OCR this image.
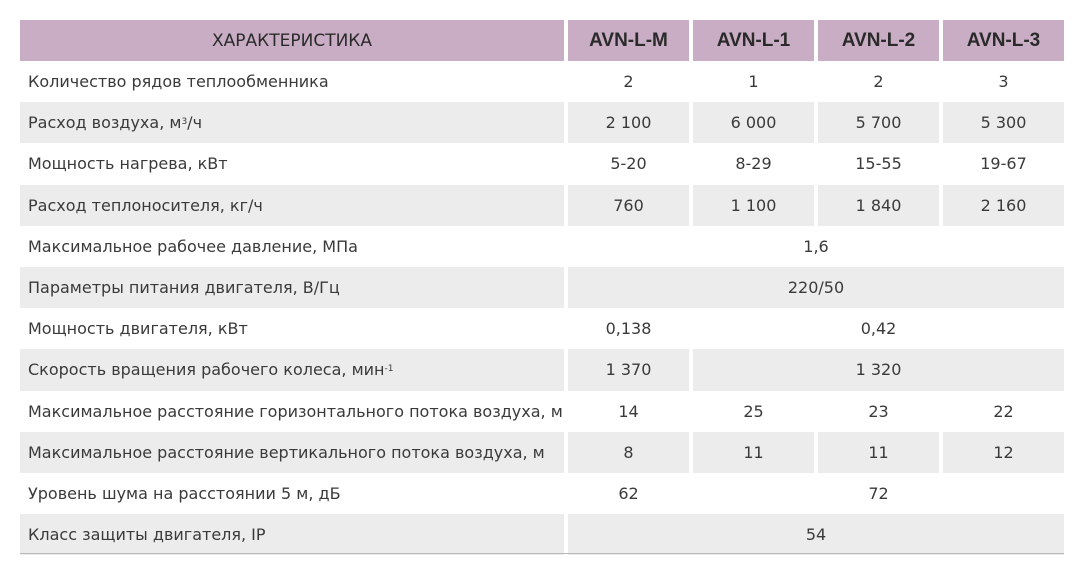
ХАРАКТЕРИСТИКА	AVN-L-M	AVN-L-1	AVN-L-2	AVN-L-3
Количество рядов теплообменника	2	1	2	3
Расход воздуха, $м^3$ /ч	2 100	6 000	5 700	5 300
Мощность нагрева, кВт	5-20	8-29	15-55	19-67
Расход теплоносителя, кг/ч	760	1 100	1 840	2 160
Максимальное рабочее давление, МПа	1,6
Параметры питания двигателя, В/Гц	220/50
Мощность двигателя, кВт	0,138	0,42
Скорость вращения рабочего колеса, мин$^{-1}$	1 370	1 320
Максимальное расстояние горизонтального потока воздуха, м	14	25	23	22
Максимальное расстояние вертикального потока воздуха, м	8	11	11	12
Уровень шума на расстоянии 5 м, дБ	62	72
Класс защиты двигателя, IP	54
